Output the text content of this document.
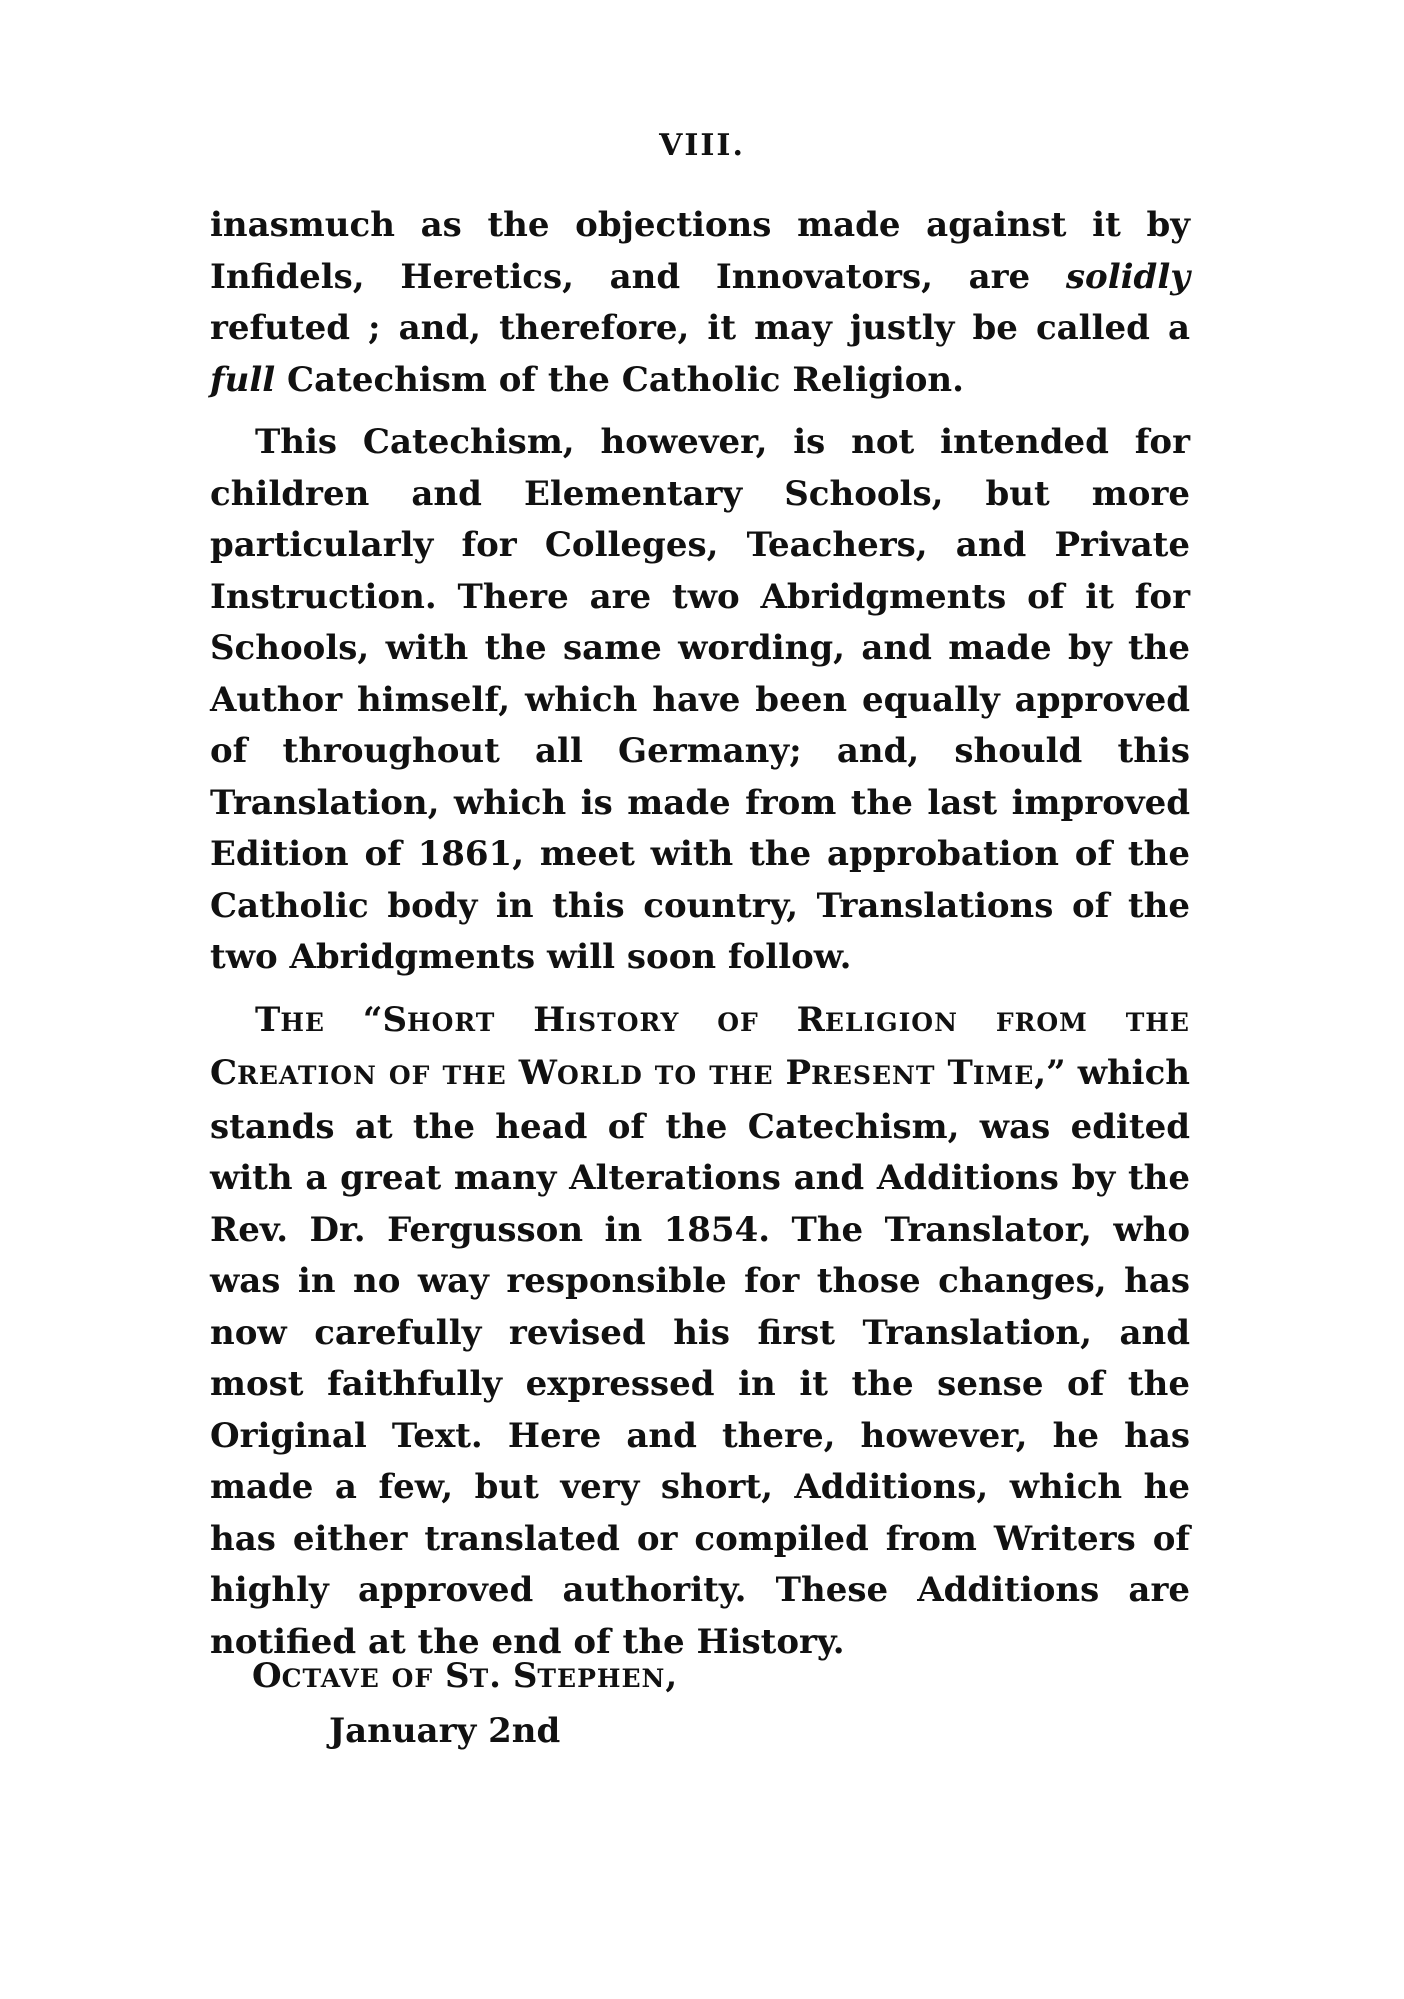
VIII.

inasmuch as the objections made against it by Infidels, Heretics, and Innovators, are solidly refuted ; and, therefore, it may justly be called a full Catechism of the Catholic Religion.

This Catechism, however, is not intended for children and Elementary Schools, but more particularly for Colleges, Teachers, and Private Instruction. There are two Abridgments of it for Schools, with the same wording, and made by the Author himself, which have been equally approved of throughout all Germany; and, should this Translation, which is made from the last improved Edition of 1861, meet with the approbation of the Catholic body in this country, Translations of the two Abridgments will soon follow.

THE “SHORT HISTORY OF RELIGION FROM THE CREATION OF THE WORLD TO THE PRESENT TIME,” which stands at the head of the Catechism, was edited with a great many Alterations and Additions by the Rev. Dr. Fergusson in 1854. The Translator, who was in no way responsible for those changes, has now carefully revised his first Translation, and most faithfully expressed in it the sense of the Original Text. Here and there, however, he has made a few, but very short, Additions, which he has either translated or compiled from Writers of highly approved authority. These Additions are notified at the end of the History.

OCTAVE OF ST. STEPHEN,
January 2nd
